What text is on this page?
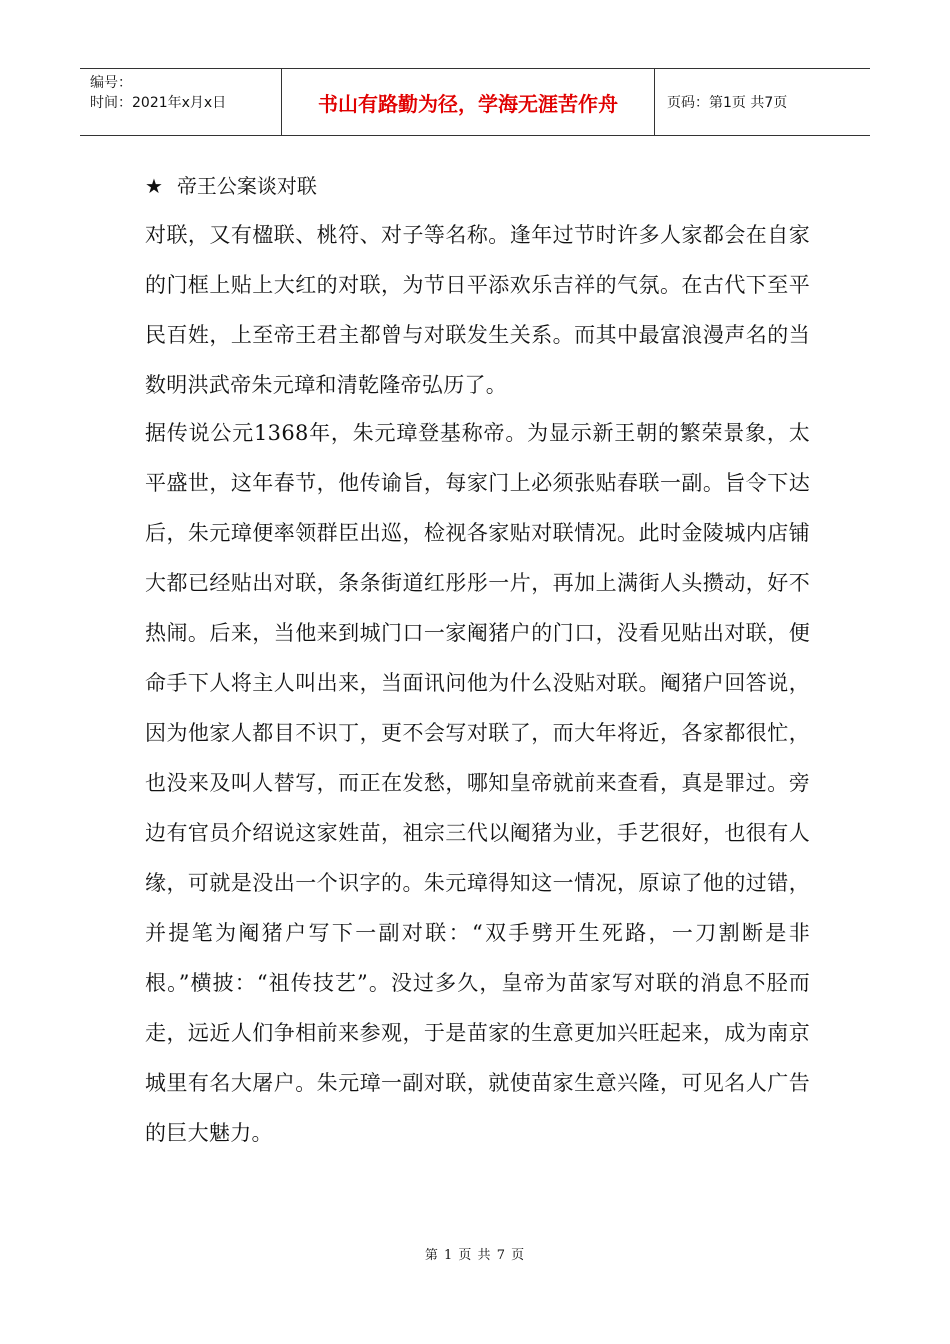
编号：
时间：2021年x月x日	书山有路勤为径，学海无涯苦作舟	页码：第1页 共7页
★ 帝王公案谈对联

对联，又有楹联、桃符、对子等名称。逢年过节时许多人家都会在自家的门框上贴上大红的对联，为节日平添欢乐吉祥的气氛。在古代下至平民百姓，上至帝王君主都曾与对联发生关系。而其中最富浪漫声名的当数明洪武帝朱元璋和清乾隆帝弘历了。

据传说公元1368年，朱元璋登基称帝。为显示新王朝的繁荣景象，太平盛世，这年春节，他传谕旨，每家门上必须张贴春联一副。旨令下达后，朱元璋便率领群臣出巡，检视各家贴对联情况。此时金陵城内店铺大都已经贴出对联，条条街道红彤彤一片，再加上满街人头攒动，好不热闹。后来，当他来到城门口一家阉猪户的门口，没看见贴出对联，便命手下人将主人叫出来，当面讯问他为什么没贴对联。阉猪户回答说，因为他家人都目不识丁，更不会写对联了，而大年将近，各家都很忙，也没来及叫人替写，而正在发愁，哪知皇帝就前来查看，真是罪过。旁边有官员介绍说这家姓苗，祖宗三代以阉猪为业，手艺很好，也很有人缘，可就是没出一个识字的。朱元璋得知这一情况，原谅了他的过错，并提笔为阉猪户写下一副对联：“双手劈开生死路，一刀割断是非根。”横披：“祖传技艺”。没过多久，皇帝为苗家写对联的消息不胫而走，远近人们争相前来参观，于是苗家的生意更加兴旺起来，成为南京城里有名大屠户。朱元璋一副对联，就使苗家生意兴隆，可见名人广告的巨大魅力。

第 1 页 共 7 页
